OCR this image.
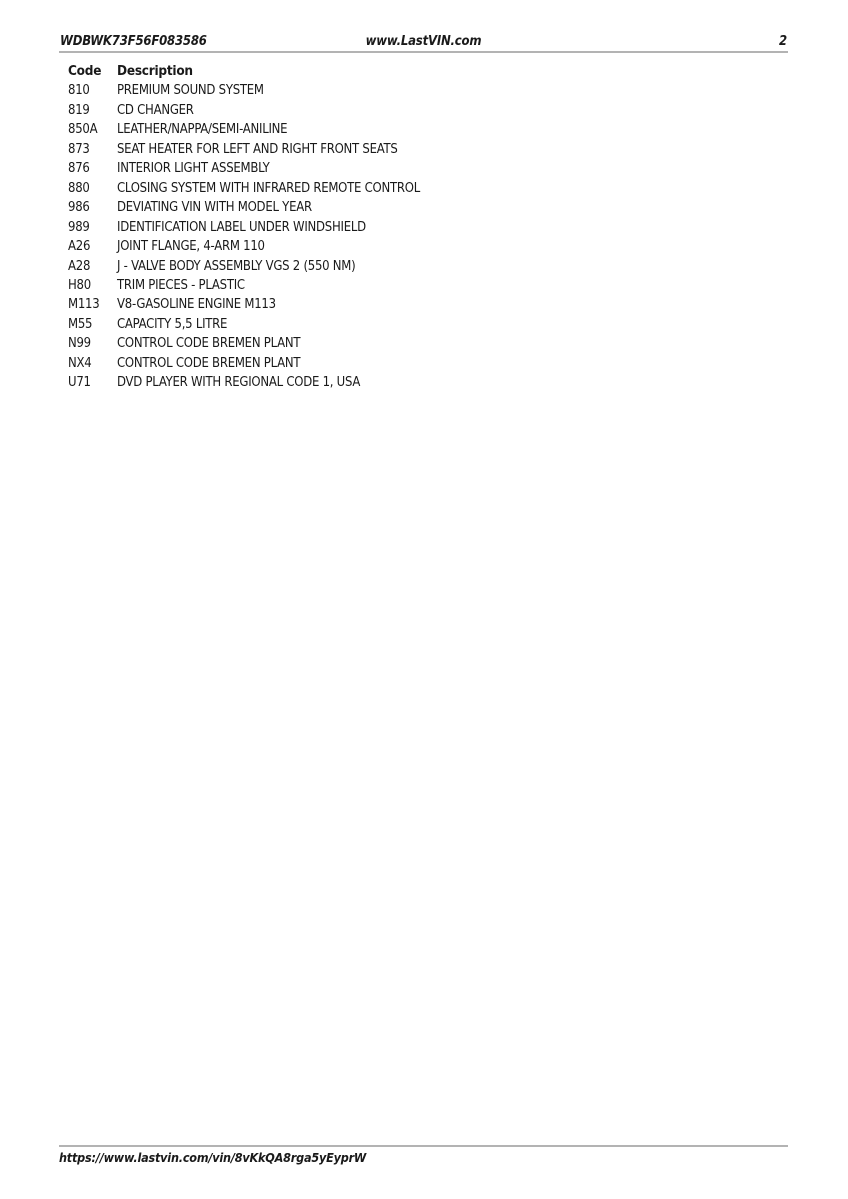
WDBWK73F56F083586	www.LastVIN.com	2
Code	Description
810	PREMIUM SOUND SYSTEM
819	CD CHANGER
850A	LEATHER/NAPPA/SEMI-ANILINE
873	SEAT HEATER FOR LEFT AND RIGHT FRONT SEATS
876	INTERIOR LIGHT ASSEMBLY
880	CLOSING SYSTEM WITH INFRARED REMOTE CONTROL
986	DEVIATING VIN WITH MODEL YEAR
989	IDENTIFICATION LABEL UNDER WINDSHIELD
A26	JOINT FLANGE, 4-ARM 110
A28	J - VALVE BODY ASSEMBLY VGS 2 (550 NM)
H80	TRIM PIECES - PLASTIC
M113	V8-GASOLINE ENGINE M113
M55	CAPACITY 5,5 LITRE
N99	CONTROL CODE BREMEN PLANT
NX4	CONTROL CODE BREMEN PLANT
U71	DVD PLAYER WITH REGIONAL CODE 1, USA
https://www.lastvin.com/vin/8vKkQA8rga5yEyprW
